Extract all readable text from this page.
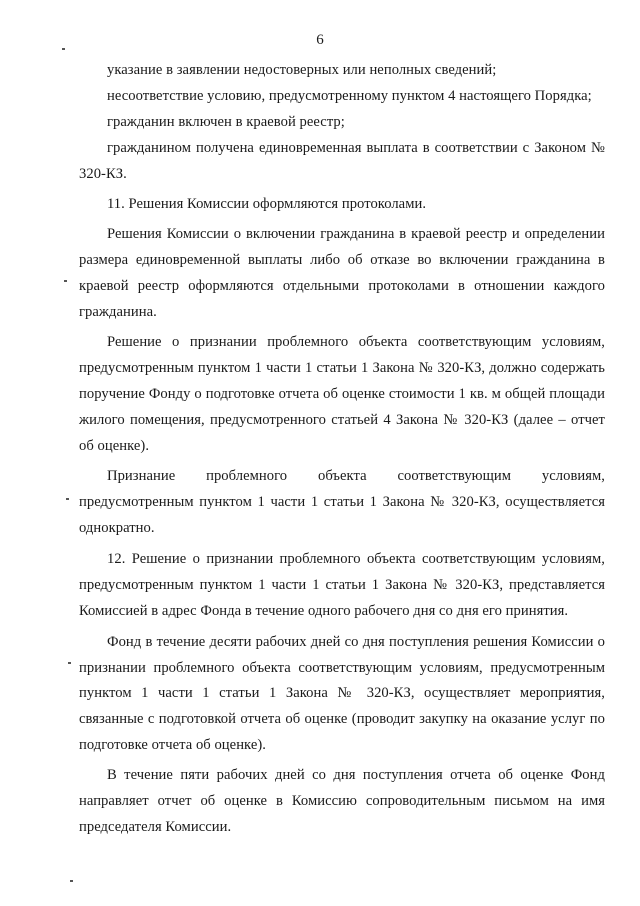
6

указание в заявлении недостоверных или неполных сведений;

несоответствие условию, предусмотренному пунктом 4 настоящего Порядка;

гражданин включен в краевой реестр;

гражданином получена единовременная выплата в соответствии с Законом № 320-КЗ.

11. Решения Комиссии оформляются протоколами.

Решения Комиссии о включении гражданина в краевой реестр и определении размера единовременной выплаты либо об отказе во включении гражданина в краевой реестр оформляются отдельными протоколами в отношении каждого гражданина.

Решение о признании проблемного объекта соответствующим условиям, предусмотренным пунктом 1 части 1 статьи 1 Закона № 320-КЗ, должно содержать поручение Фонду о подготовке отчета об оценке стоимости 1 кв. м общей площади жилого помещения, предусмотренного статьей 4 Закона № 320-КЗ (далее – отчет об оценке).

Признание проблемного объекта соответствующим условиям, предусмотренным пунктом 1 части 1 статьи 1 Закона № 320-КЗ, осуществляется однократно.

12. Решение о признании проблемного объекта соответствующим условиям, предусмотренным пунктом 1 части 1 статьи 1 Закона № 320-КЗ, представляется Комиссией в адрес Фонда в течение одного рабочего дня со дня его принятия.

Фонд в течение десяти рабочих дней со дня поступления решения Комиссии о признании проблемного объекта соответствующим условиям, предусмотренным пунктом 1 части 1 статьи 1 Закона № 320-КЗ, осуществляет мероприятия, связанные с подготовкой отчета об оценке (проводит закупку на оказание услуг по подготовке отчета об оценке).

В течение пяти рабочих дней со дня поступления отчета об оценке Фонд направляет отчет об оценке в Комиссию сопроводительным письмом на имя председателя Комиссии.
